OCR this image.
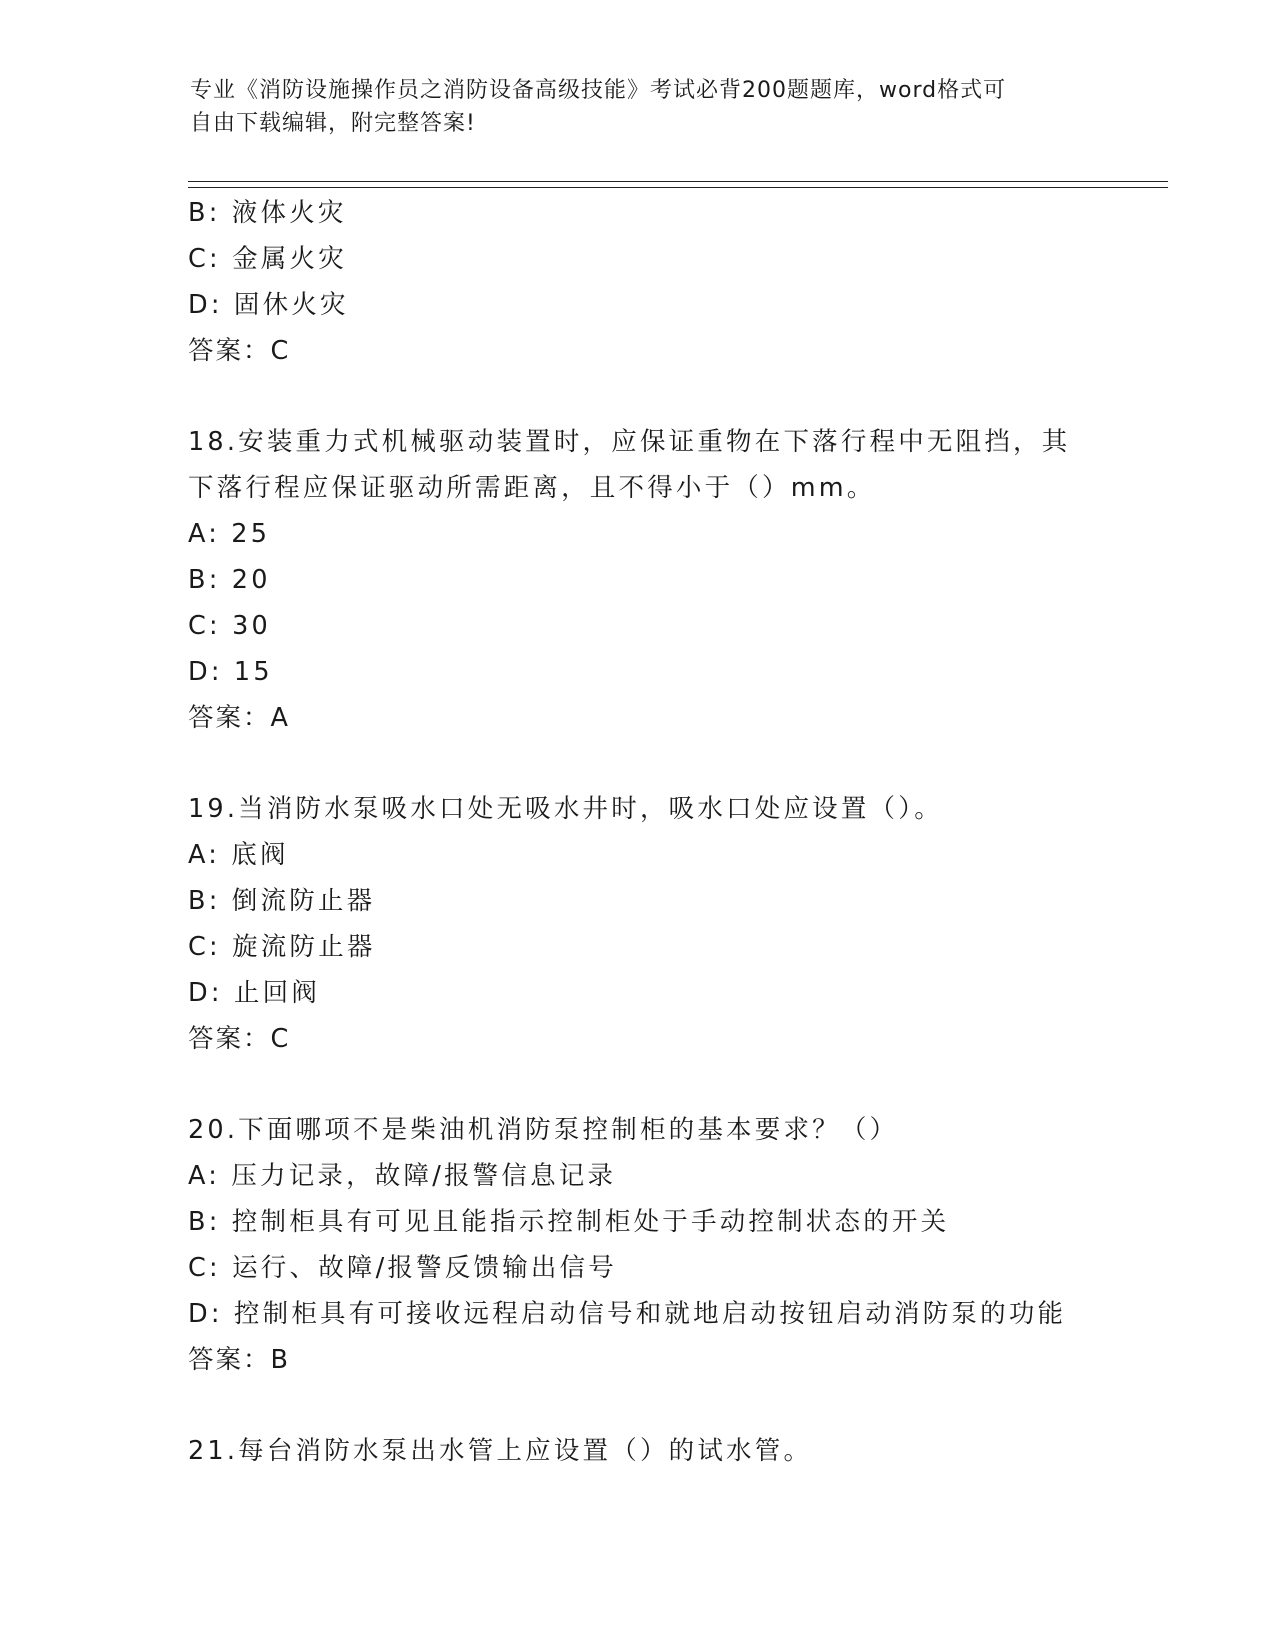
专业《消防设施操作员之消防设备高级技能》考试必背200题题库，word格式可
自由下载编辑，附完整答案!
B: 液体火灾
C: 金属火灾
D: 固休火灾
答案：C
18.安装重力式机械驱动装置时，应保证重物在下落行程中无阻挡，其
下落行程应保证驱动所需距离，且不得小于（）mm。
A: 25
B: 20
C: 30
D: 15
答案：A
19.当消防水泵吸水口处无吸水井时，吸水口处应设置（）。
A: 底阀
B: 倒流防止器
C: 旋流防止器
D: 止回阀
答案：C
20.下面哪项不是柴油机消防泵控制柜的基本要求？（）
A: 压力记录，故障/报警信息记录
B: 控制柜具有可见且能指示控制柜处于手动控制状态的开关
C: 运行、故障/报警反馈输出信号
D: 控制柜具有可接收远程启动信号和就地启动按钮启动消防泵的功能
答案：B
21.每台消防水泵出水管上应设置（）的试水管。
